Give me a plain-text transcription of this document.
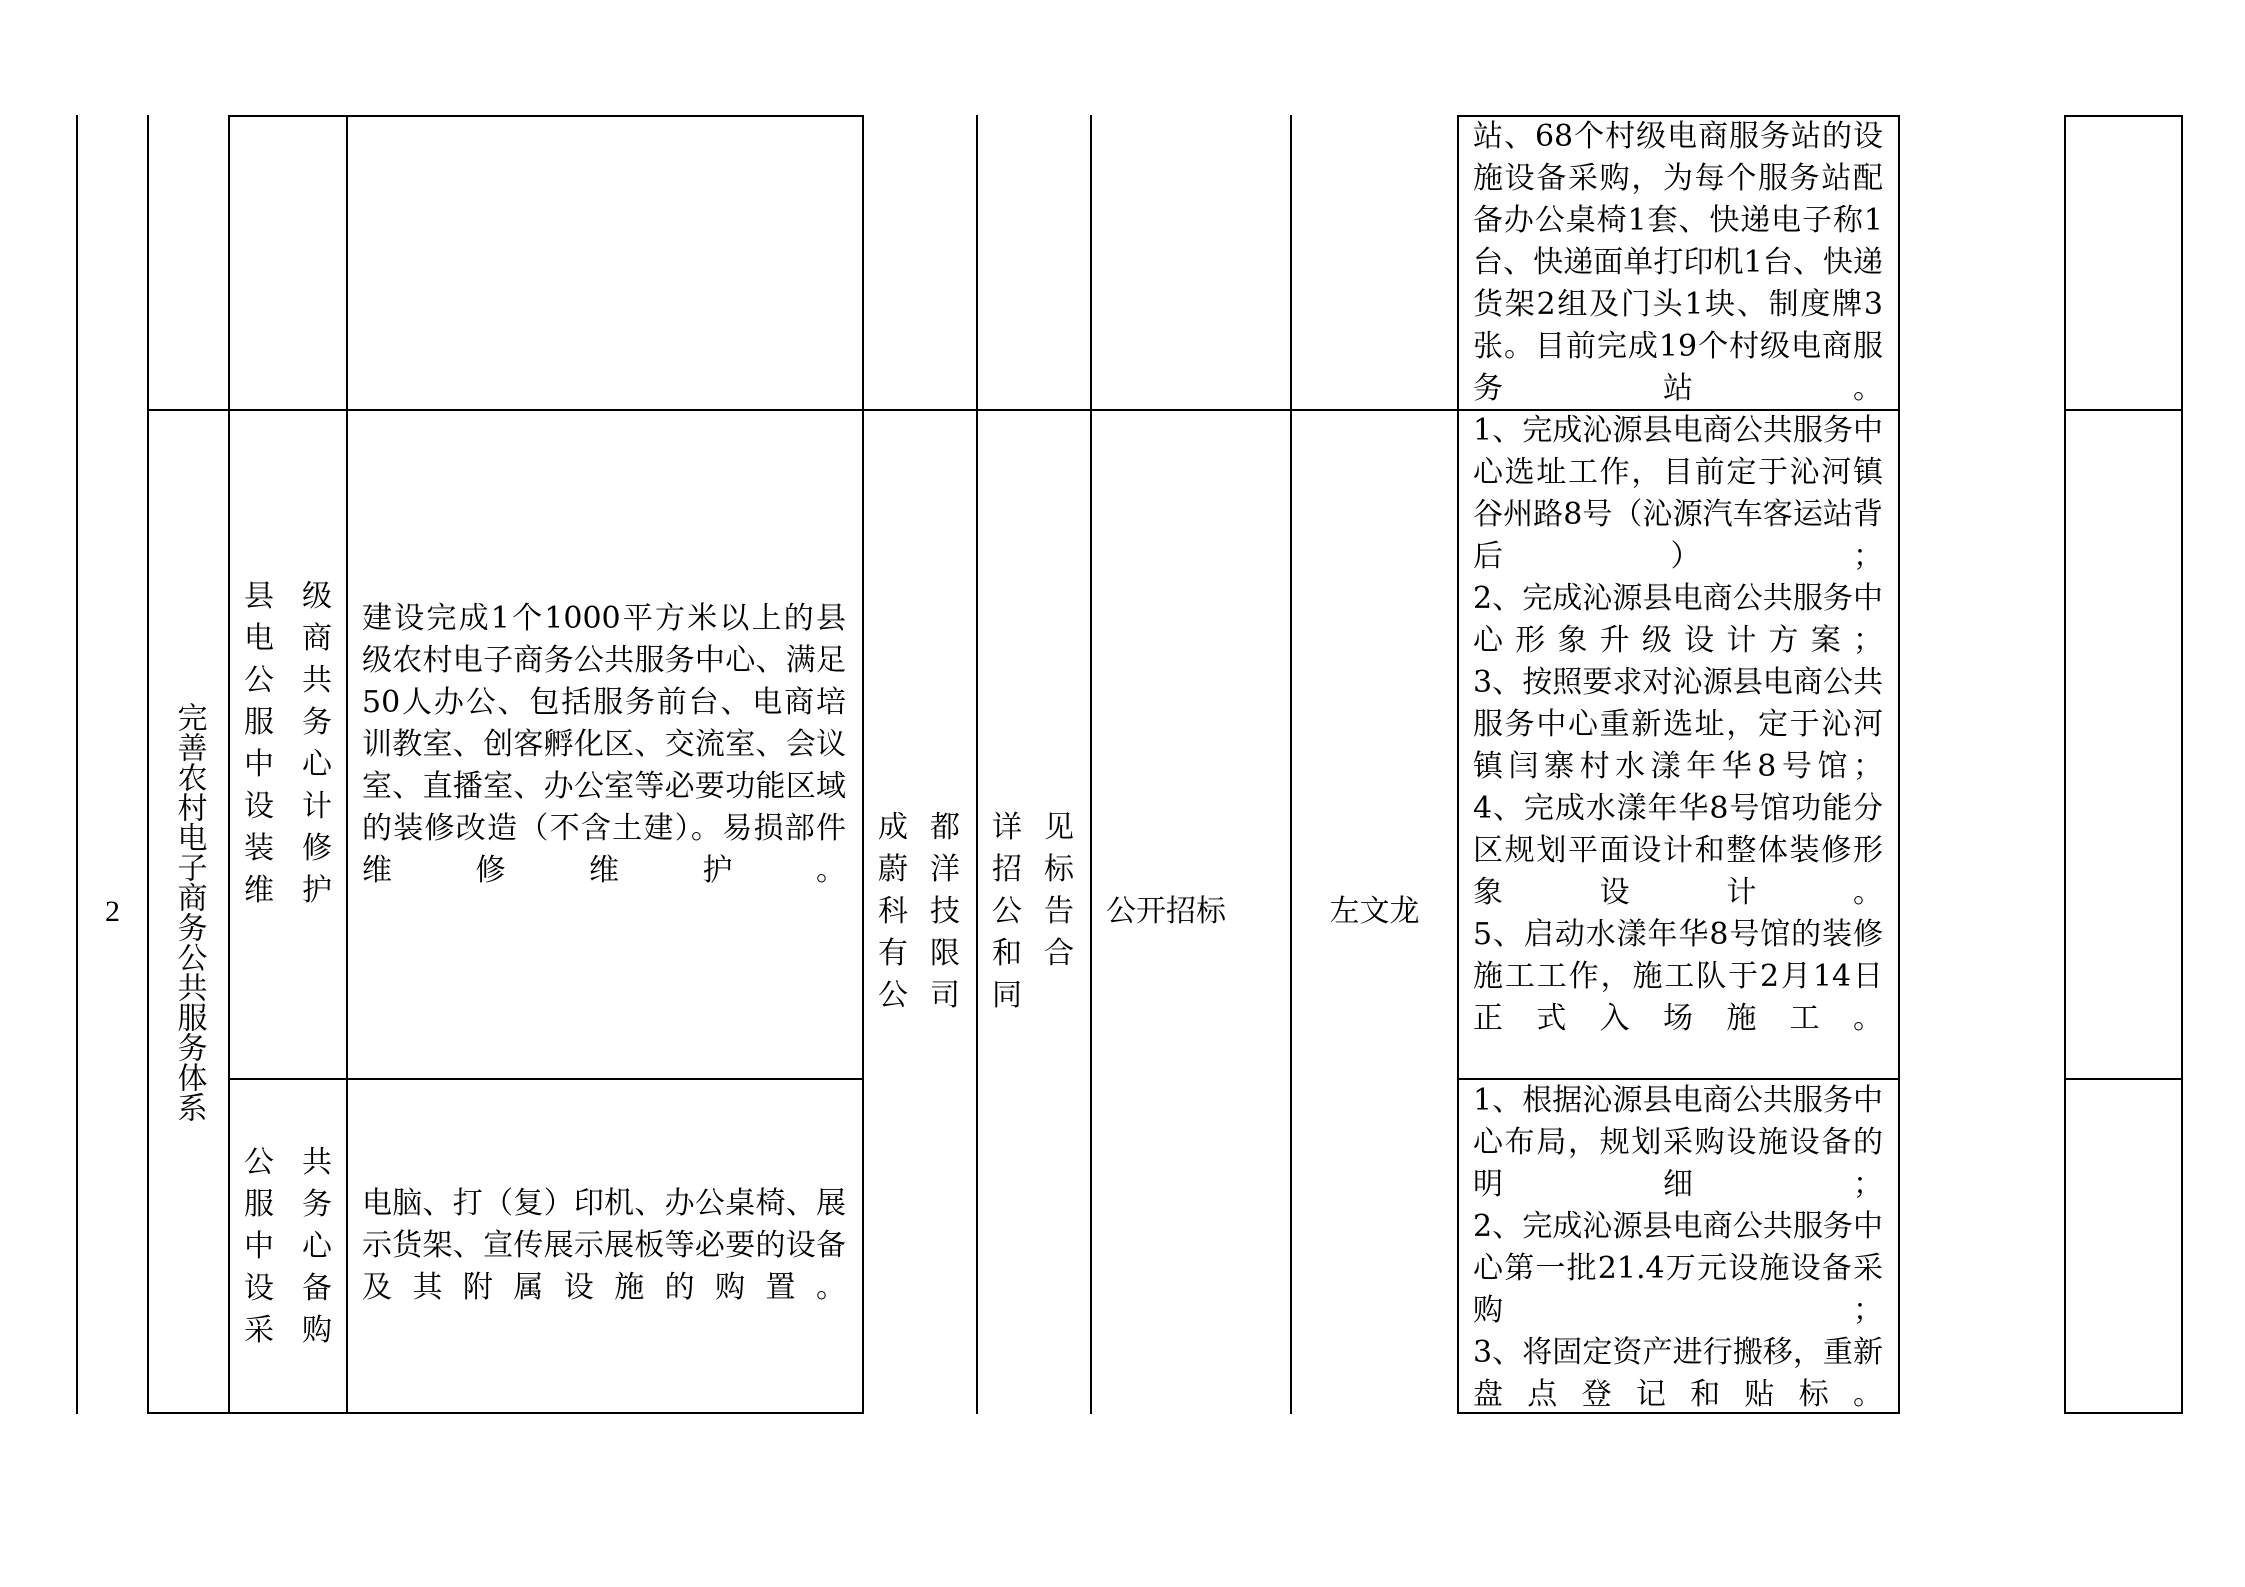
站、68个村级电商服务站的设施设备采购，为每个服务站配备办公桌椅1套、快递电子称1台、快递面单打印机1台、快递货架2组及门头1块、制度牌3张。目前完成19个村级电商服务站。
2	完善农村电子商务公共服务体系
县级电商公共服务中心设计装修维护
建设完成1个1000平方米以上的县级农村电子商务公共服务中心、满足50人办公、包括服务前台、电商培训教室、创客孵化区、交流室、会议室、直播室、办公室等必要功能区域的装修改造（不含土建）。易损部件维修维护。
公共服务中心设备采购
电脑、打（复）印机、办公桌椅、展示货架、宣传展示展板等必要的设备及其附属设施的购置。
成都蔚洋科技有限公司
详见招标公告和合同
公开招标	左文龙
1、完成沁源县电商公共服务中心选址工作，目前定于沁河镇谷州路8号（沁源汽车客运站背后）；
2、完成沁源县电商公共服务中心形象升级设计方案；
3、按照要求对沁源县电商公共服务中心重新选址，定于沁河镇闫寨村水漾年华8号馆；
4、完成水漾年华8号馆功能分区规划平面设计和整体装修形象设计。
5、启动水漾年华8号馆的装修施工工作，施工队于2月14日正式入场施工。
1、根据沁源县电商公共服务中心布局，规划采购设施设备的明细；
2、完成沁源县电商公共服务中心第一批21.4万元设施设备采购；
3、将固定资产进行搬移，重新盘点登记和贴标。
